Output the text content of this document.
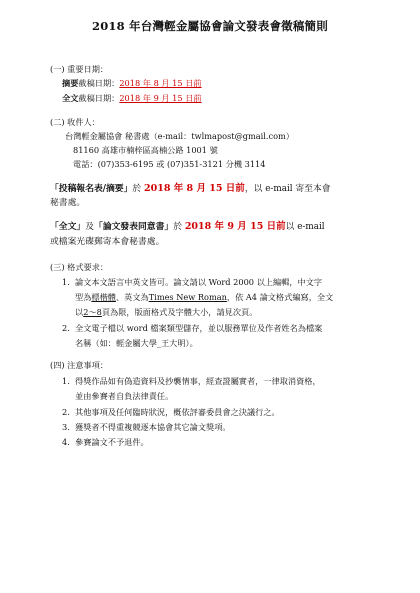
2018 年台灣輕金屬協會論文發表會徵稿簡則
(一) 重要日期：
摘要截稿日期：2018 年 8 月 15 日前
全文截稿日期：2018 年 9 月 15 日前
(二) 收件人：
台灣輕金屬協會 秘書處（e-mail：twlmapost@gmail.com）
81160 高雄市楠梓區高楠公路 1001 號
電話：(07)353-6195 或 (07)351-3121 分機 3114
「投稿報名表/摘要」於 2018 年 8 月 15 日前，以 e-mail 寄至本會
秘書處。
「全文」及「論文發表同意書」於 2018 年 9 月 15 日前以 e-mail
或檔案光碟郵寄本會秘書處。
(三) 格式要求：
1. 論文本文語言中英文皆可。論文請以 Word 2000 以上編輯，中文字
型為標楷體、英文為Times New Roman，依 A4 論文格式編寫，全文
以2～8頁為限，版面格式及字體大小，請見次頁。
2. 全文電子檔以 word 檔案類型儲存，並以服務單位及作者姓名為檔案
名稱（如：輕金屬大學_王大明）。
(四) 注意事項：
1. 得獎作品如有偽造資料及抄襲情事，經查證屬實者，一律取消資格，
並由參賽者自負法律責任。
2. 其他事項及任何臨時狀況，概依評審委員會之決議行之。
3. 獲獎者不得重複競逐本協會其它論文獎項。
4. 參賽論文不予退件。
